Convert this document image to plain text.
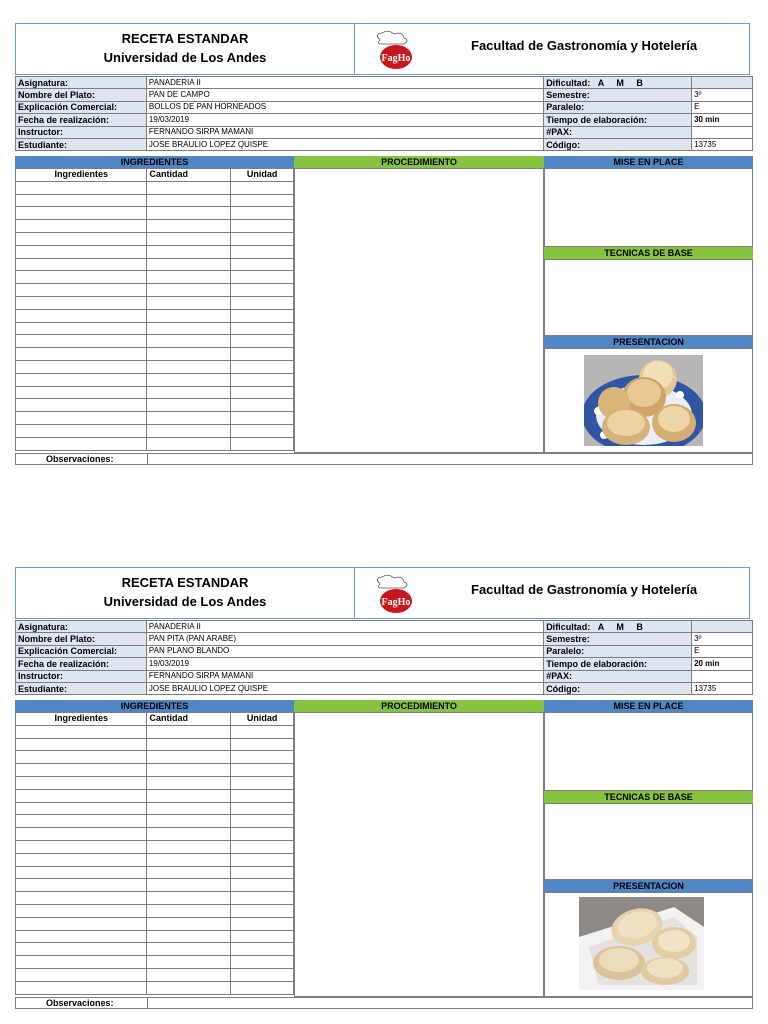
RECETA ESTANDAR
Universidad de Los Andes	FagHo
Facultad de Gastronomía y Hotelería
Asignatura:	PANADERIA II	Dificultad: A     M     B	
Nombre del Plato:	PAN DE CAMPO	Semestre:	3º
Explicación Comercial:	BOLLOS DE PAN HORNEADOS	Paralelo:	E
Fecha de realización:	19/03/2019	Tiempo de elaboración:	30 min
Instructor:	FERNANDO SIRPA MAMANI	#PAX:	
Estudiante:	JOSE BRAULIO LOPEZ QUISPE	Código:	13735
INGREDIENTES	PROCEDIMIENTO	MISE EN PLACE
Ingredientes	Cantidad	Unidad

TECNICAS DE BASE
PRESENTACION
Observaciones:
RECETA ESTANDAR
Universidad de Los Andes	FagHo
Facultad de Gastronomía y Hotelería
Asignatura:	PANADERIA II	Dificultad: A     M     B	
Nombre del Plato:	PAN PITA (PAN ARABE)	Semestre:	3º
Explicación Comercial:	PAN PLANO BLANDO	Paralelo:	E
Fecha de realización:	19/03/2019	Tiempo de elaboración:	20 min
Instructor:	FERNANDO SIRPA MAMANI	#PAX:	
Estudiante:	JOSE BRAULIO LOPEZ QUISPE	Código:	13735
INGREDIENTES	PROCEDIMIENTO	MISE EN PLACE
Ingredientes	Cantidad	Unidad

TECNICAS DE BASE
PRESENTACION
Observaciones:
